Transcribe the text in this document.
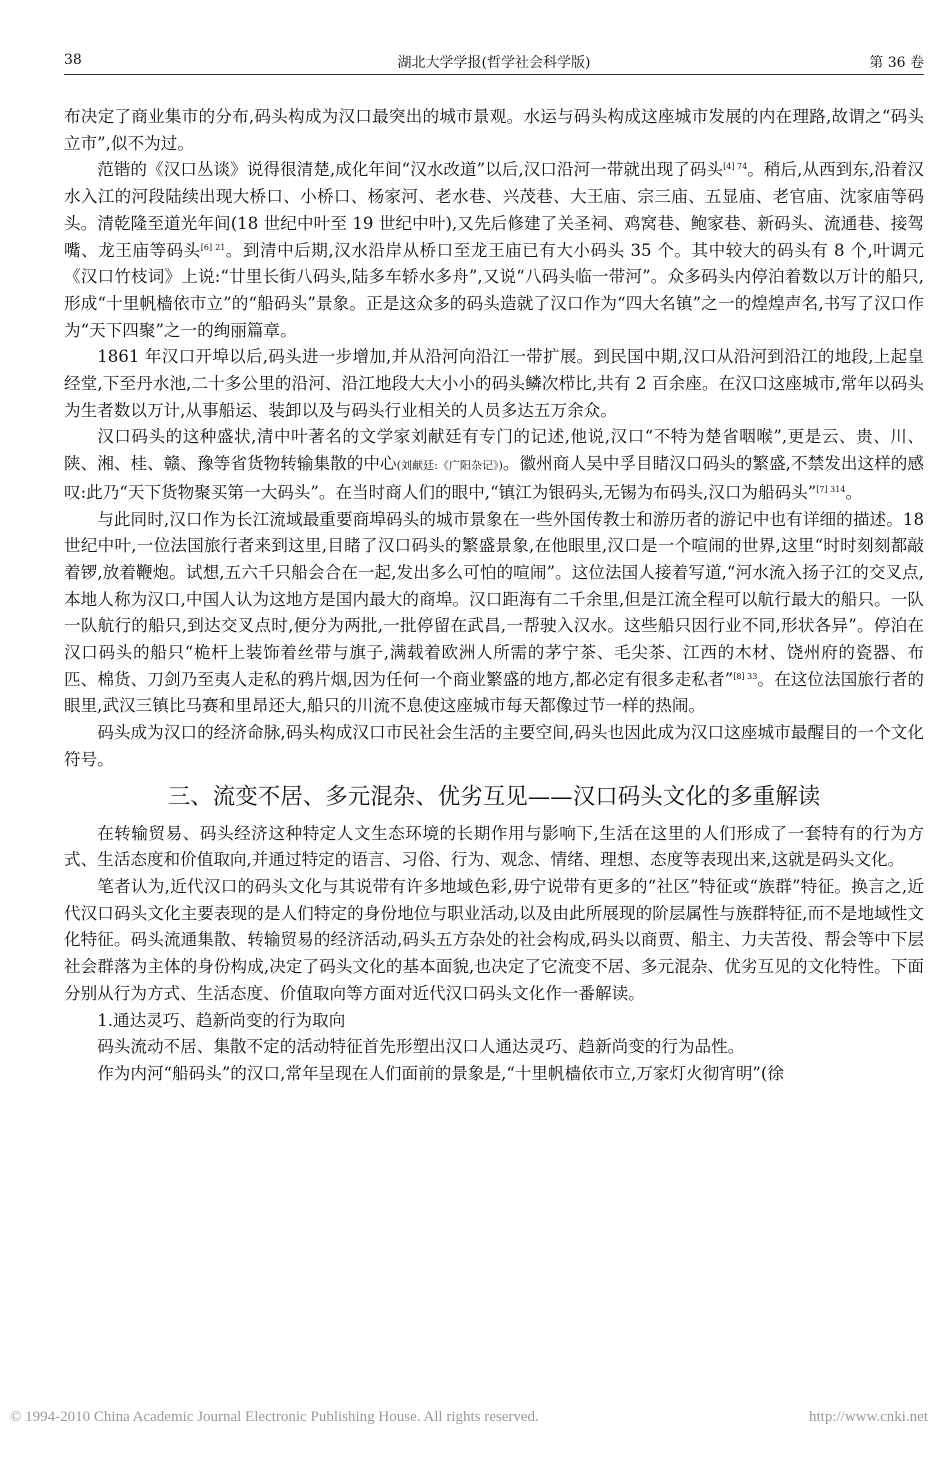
38	湖北大学学报(哲学社会科学版)	第 36 卷

布决定了商业集市的分布,码头构成为汉口最突出的城市景观。水运与码头构成这座城市发展的内在理路,故谓之“码头立市”,似不为过。

范锴的《汉口丛谈》说得很清楚,成化年间“汉水改道”以后,汉口沿河一带就出现了码头$^{[4] 74}$。稍后,从西到东,沿着汉水入江的河段陆续出现大桥口、小桥口、杨家河、老水巷、兴茂巷、大王庙、宗三庙、五显庙、老官庙、沈家庙等码头。清乾隆至道光年间(18 世纪中叶至 19 世纪中叶),又先后修建了关圣祠、鸡窝巷、鲍家巷、新码头、流通巷、接驾嘴、龙王庙等码头$^{[6] 21}$。到清中后期,汉水沿岸从桥口至龙王庙已有大小码头 35 个。其中较大的码头有 8 个,叶调元《汉口竹枝词》上说:“廿里长街八码头,陆多车轿水多舟”,又说“八码头临一带河”。众多码头内停泊着数以万计的船只,形成“十里帆樯依市立”的“船码头”景象。正是这众多的码头造就了汉口作为“四大名镇”之一的煌煌声名,书写了汉口作为“天下四聚”之一的绚丽篇章。

1861 年汉口开埠以后,码头进一步增加,并从沿河向沿江一带扩展。到民国中期,汉口从沿河到沿江的地段,上起皇经堂,下至丹水池,二十多公里的沿河、沿江地段大大小小的码头鳞次栉比,共有 2 百余座。在汉口这座城市,常年以码头为生者数以万计,从事船运、装卸以及与码头行业相关的人员多达五万余众。

汉口码头的这种盛状,清中叶著名的文学家刘献廷有专门的记述,他说,汉口“不特为楚省咽喉”,更是云、贵、川、陕、湘、桂、赣、豫等省货物转输集散的中心(刘献廷:《广阳杂记》)。徽州商人吴中孚目睹汉口码头的繁盛,不禁发出这样的感叹:此乃“天下货物聚买第一大码头”。在当时商人们的眼中,“镇江为银码头,无锡为布码头,汉口为船码头”$^{[7] 314}$。

与此同时,汉口作为长江流域最重要商埠码头的城市景象在一些外国传教士和游历者的游记中也有详细的描述。18 世纪中叶,一位法国旅行者来到这里,目睹了汉口码头的繁盛景象,在他眼里,汉口是一个喧闹的世界,这里“时时刻刻都敲着锣,放着鞭炮。试想,五六千只船会合在一起,发出多么可怕的喧闹”。这位法国人接着写道,“河水流入扬子江的交叉点,本地人称为汉口,中国人认为这地方是国内最大的商埠。汉口距海有二千余里,但是江流全程可以航行最大的船只。一队一队航行的船只,到达交叉点时,便分为两批,一批停留在武昌,一帮驶入汉水。这些船只因行业不同,形状各异”。停泊在汉口码头的船只“桅杆上装饰着丝带与旗子,满载着欧洲人所需的茅宁茶、毛尖茶、江西的木材、饶州府的瓷器、布匹、棉货、刀剑乃至夷人走私的鸦片烟,因为任何一个商业繁盛的地方,都必定有很多走私者”$^{[8] 33}$。在这位法国旅行者的眼里,武汉三镇比马赛和里昂还大,船只的川流不息使这座城市每天都像过节一样的热闹。

码头成为汉口的经济命脉,码头构成汉口市民社会生活的主要空间,码头也因此成为汉口这座城市最醒目的一个文化符号。

三、流变不居、多元混杂、优劣互见——汉口码头文化的多重解读

在转输贸易、码头经济这种特定人文生态环境的长期作用与影响下,生活在这里的人们形成了一套特有的行为方式、生活态度和价值取向,并通过特定的语言、习俗、行为、观念、情绪、理想、态度等表现出来,这就是码头文化。

笔者认为,近代汉口的码头文化与其说带有许多地域色彩,毋宁说带有更多的“社区”特征或“族群”特征。换言之,近代汉口码头文化主要表现的是人们特定的身份地位与职业活动,以及由此所展现的阶层属性与族群特征,而不是地域性文化特征。码头流通集散、转输贸易的经济活动,码头五方杂处的社会构成,码头以商贾、船主、力夫苦役、帮会等中下层社会群落为主体的身份构成,决定了码头文化的基本面貌,也决定了它流变不居、多元混杂、优劣互见的文化特性。下面分别从行为方式、生活态度、价值取向等方面对近代汉口码头文化作一番解读。

1.通达灵巧、趋新尚变的行为取向

码头流动不居、集散不定的活动特征首先形塑出汉口人通达灵巧、趋新尚变的行为品性。

作为内河“船码头”的汉口,常年呈现在人们面前的景象是,“十里帆樯依市立,万家灯火彻宵明”(徐

© 1994-2010 China Academic Journal Electronic Publishing House. All rights reserved.	http://www.cnki.net
